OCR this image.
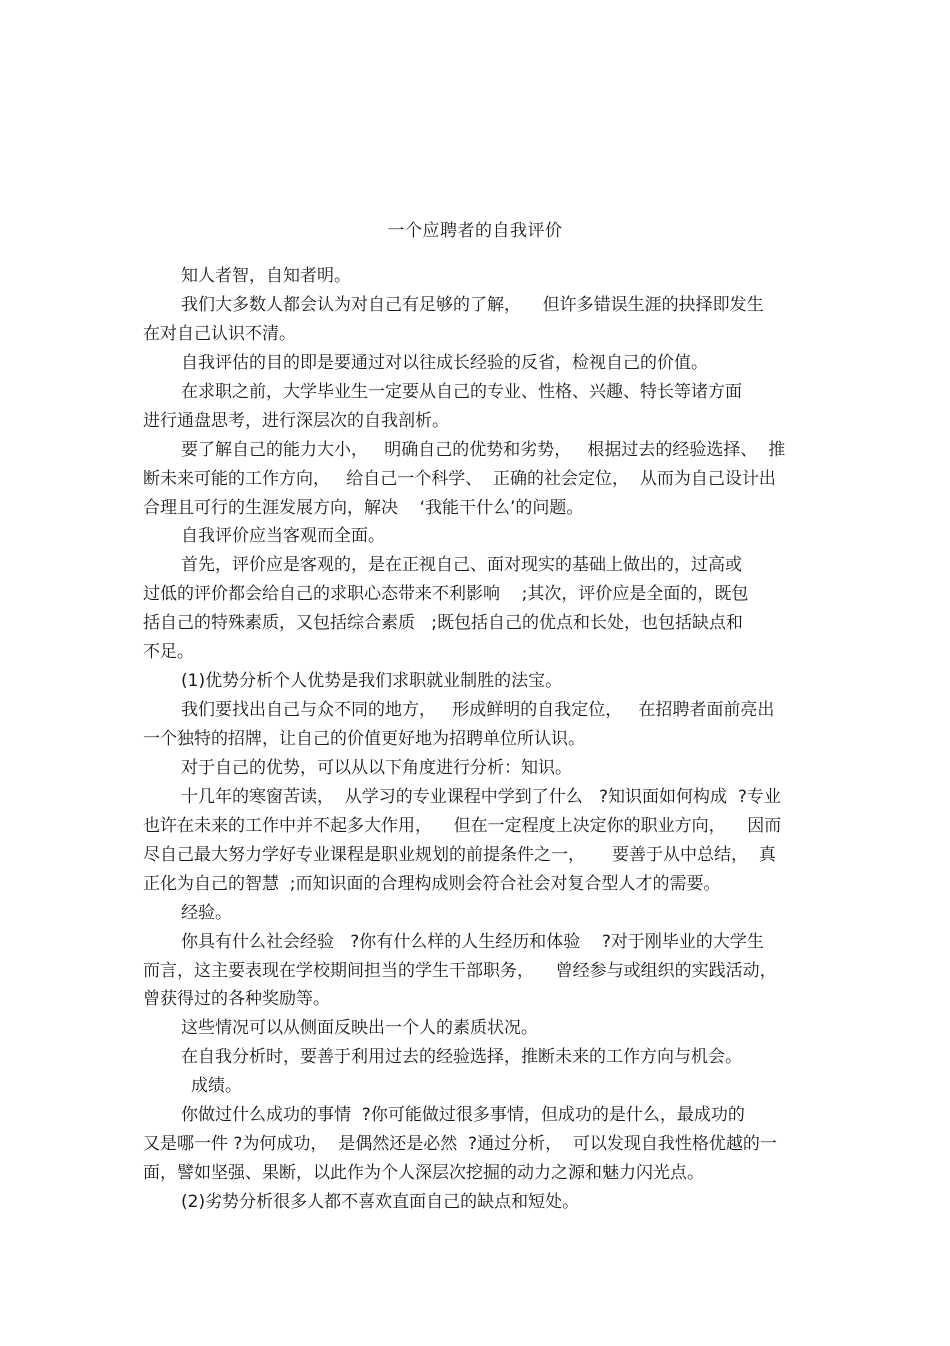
一个应聘者的自我评价
知人者智，自知者明。
我们大多数人都会认为对自己有足够的了解，    但许多错误生涯的抉择即发生
在对自己认识不清。
自我评估的目的即是要通过对以往成长经验的反省，检视自己的价值。
在求职之前，大学毕业生一定要从自己的专业、性格、兴趣、特长等诸方面
进行通盘思考，进行深层次的自我剖析。
要了解自己的能力大小，   明确自己的优势和劣势，   根据过去的经验选择、  推
断未来可能的工作方向，   给自己一个科学、  正确的社会定位，  从而为自己设计出
合理且可行的生涯发展方向，解决    ‘我能干什么’的问题。
自我评价应当客观而全面。
首先，评价应是客观的，是在正视自己、面对现实的基础上做出的，过高或
过低的评价都会给自己的求职心态带来不利影响    ;其次，评价应是全面的，既包
括自己的特殊素质，又包括综合素质   ;既包括自己的优点和长处，也包括缺点和
不足。
(1)优势分析个人优势是我们求职就业制胜的法宝。
我们要找出自己与众不同的地方，   形成鲜明的自我定位，   在招聘者面前亮出
一个独特的招牌，让自己的价值更好地为招聘单位所认识。
对于自己的优势，可以从以下角度进行分析：知识。
十几年的寒窗苦读，  从学习的专业课程中学到了什么   ?知识面如何构成  ?专业
也许在未来的工作中并不起多大作用，    但在一定程度上决定你的职业方向，    因而
尽自己最大努力学好专业课程是职业规划的前提条件之一，     要善于从中总结，  真
正化为自己的智慧  ;而知识面的合理构成则会符合社会对复合型人才的需要。
经验。
你具有什么社会经验   ?你有什么样的人生经历和体验    ?对于刚毕业的大学生
而言，这主要表现在学校期间担当的学生干部职务，    曾经参与或组织的实践活动，
曾获得过的各种奖励等。
这些情况可以从侧面反映出一个人的素质状况。
在自我分析时，要善于利用过去的经验选择，推断未来的工作方向与机会。
成绩。
你做过什么成功的事情  ?你可能做过很多事情，但成功的是什么，最成功的
又是哪一件 ?为何成功，  是偶然还是必然  ?通过分析，  可以发现自我性格优越的一
面，譬如坚强、果断，以此作为个人深层次挖掘的动力之源和魅力闪光点。
(2)劣势分析很多人都不喜欢直面自己的缺点和短处。
